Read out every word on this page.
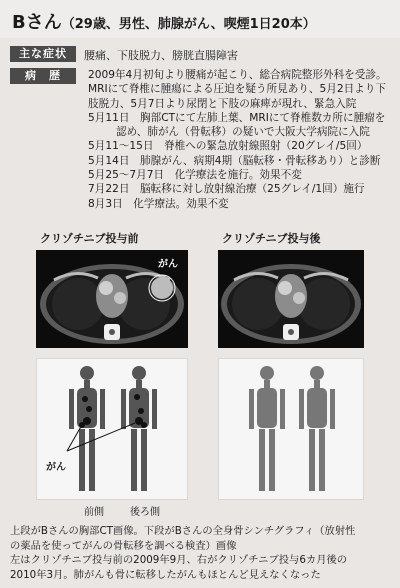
Bさん（29歳、男性、肺腺がん、喫煙1日20本）
主な症状	腰痛、下肢脱力、膀胱直腸障害
病　歴	2009年4月初旬より腰痛が起こり、総合病院整形外科を受診。
MRIにて脊椎に腫瘍による圧迫を疑う所見あり、5月2日より下
肢脱力、5月7日より尿閉と下肢の麻痺が現れ、緊急入院
5月11日　胸部CTにて左肺上葉、MRIにて脊椎数カ所に腫瘤を
認め、肺がん（骨転移）の疑いで大阪大学病院に入院
5月11〜15日　脊椎への緊急放射線照射（20グレイ/5回）
5月14日　肺腺がん、病期4期（脳転移・骨転移あり）と診断
5月25〜7月7日　化学療法を施行。効果不変
7月22日　脳転移に対し放射線治療（25グレイ/1回）施行
8月3日　化学療法。効果不変
クリゾチニブ投与前	クリゾチニブ投与後
がん
がん
前側	後ろ側
上段がBさんの胸部CT画像。下段がBさんの全身骨シンチグラフィ（放射性
の薬品を使ってがんの骨転移を調べる検査）画像
左はクリゾチニブ投与前の2009年9月、右がクリゾチニブ投与6カ月後の
2010年3月。肺がんも骨に転移したがんもほとんど見えなくなった
